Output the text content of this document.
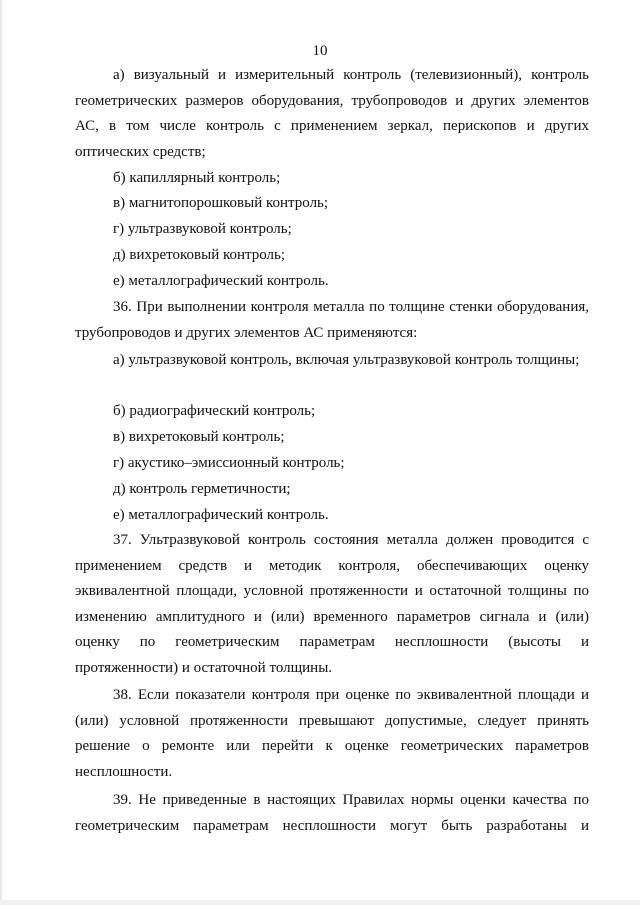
10
а) визуальный и измерительный контроль (телевизионный), контроль геометрических размеров оборудования, трубопроводов и других элементов АС, в том числе контроль с применением зеркал, перископов и других оптических средств;
б) капиллярный контроль;
в) магнитопорошковый контроль;
г) ультразвуковой контроль;
д) вихретоковый контроль;
е) металлографический контроль.
36. При выполнении контроля металла по толщине стенки оборудования, трубопроводов и других элементов АС применяются:
а) ультразвуковой контроль, включая ультразвуковой контроль толщины;
б) радиографический контроль;
в) вихретоковый контроль;
г) акустико–эмиссионный контроль;
д) контроль герметичности;
е) металлографический контроль.
37. Ультразвуковой контроль состояния металла должен проводится с применением средств и методик контроля, обеспечивающих оценку эквивалентной площади, условной протяженности и остаточной толщины по изменению амплитудного и (или) временного параметров сигнала и (или) оценку по геометрическим параметрам несплошности (высоты и протяженности) и остаточной толщины.
38. Если показатели контроля при оценке по эквивалентной площади и (или) условной протяженности превышают допустимые, следует принять решение о ремонте или перейти к оценке геометрических параметров несплошности.
39. Не приведенные в настоящих Правилах нормы оценки качества по геометрическим параметрам несплошности могут быть разработаны и
